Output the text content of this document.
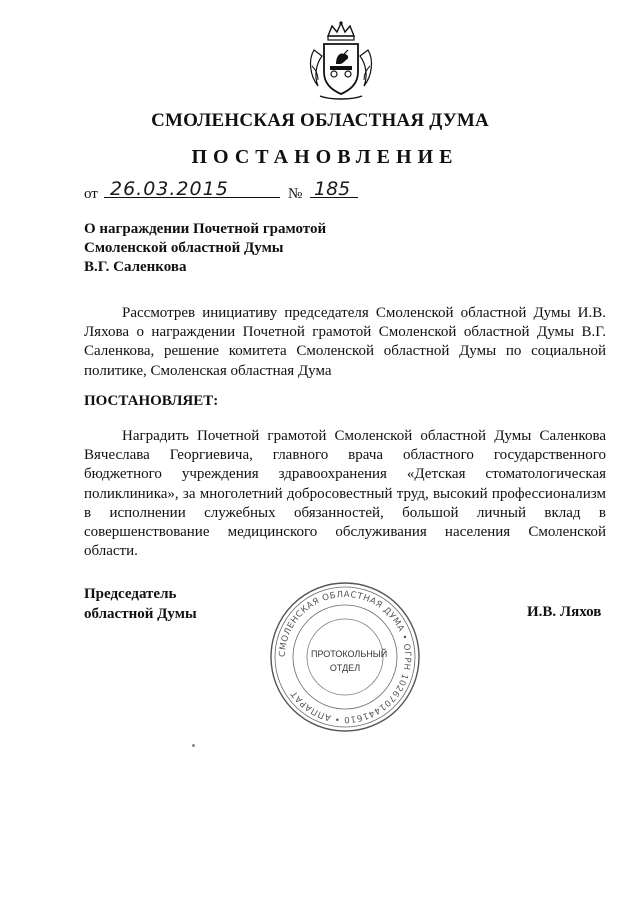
СМОЛЕНСКАЯ ОБЛАСТНАЯ ДУМА
ПОСТАНОВЛЕНИЕ
от 26.03.2015	№ 185
О награждении Почетной грамотой
Смоленской областной Думы
В.Г. Саленкова
Рассмотрев инициативу председателя Смоленской областной Думы И.В. Ляхова о награждении Почетной грамотой Смоленской областной Думы В.Г. Саленкова, решение комитета Смоленской областной Думы по социальной политике, Смоленская областная Дума
ПОСТАНОВЛЯЕТ:
Наградить Почетной грамотой Смоленской областной Думы Саленкова Вячеслава Георгиевича, главного врача областного государственного бюджетного учреждения здравоохранения «Детская стоматологическая поликлиника», за многолетний добросовестный труд, высокий профессионализм в исполнении служебных обязанностей, большой личный вклад в совершенствование медицинского обслуживания населения Смоленской области.
Председатель
областной Думы
СМОЛЕНСКАЯ ОБЛАСТНАЯ ДУМА • ОГРН 1026701441610 • АППАРАТ
ПРОТОКОЛЬНЫЙ
ОТДЕЛ
И.В. Ляхов
